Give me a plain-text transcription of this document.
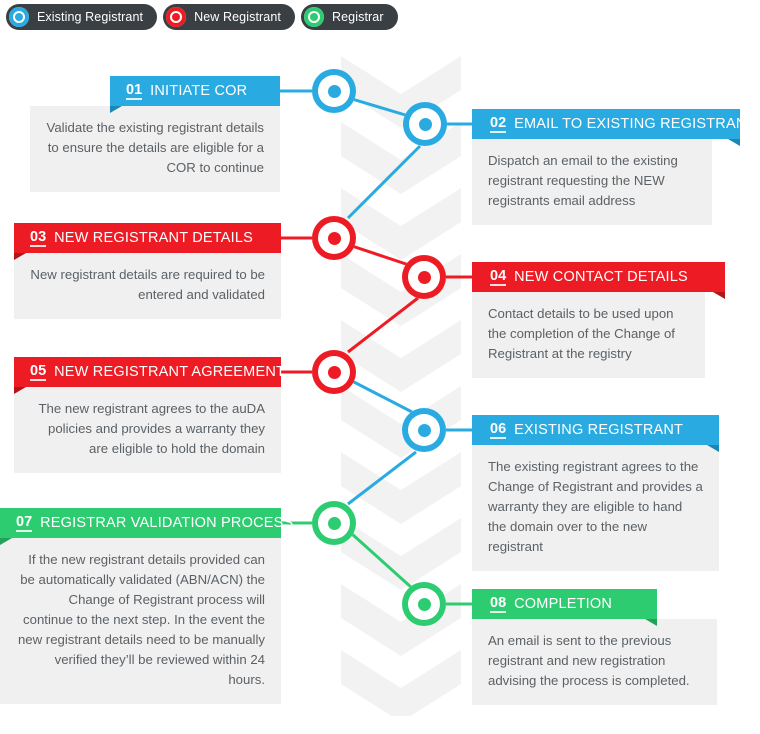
Existing Registrant	New Registrant	Registrar
01 INITIATE COR
Validate the existing registrant details to ensure the details are eligible for a COR to continue
02 EMAIL TO EXISTING REGISTRANT
Dispatch an email to the existing registrant requesting the NEW registrants email address
03 NEW REGISTRANT DETAILS
New registrant details are required to be entered and validated
04 NEW CONTACT DETAILS
Contact details to be used upon the completion of the Change of Registrant at the registry
05 NEW REGISTRANT AGREEMENT
The new registrant agrees to the auDA policies and provides a warranty they are eligible to hold the domain
06 EXISTING REGISTRANT
The existing registrant agrees to the Change of Registrant and provides a warranty they are eligible to hand the domain over to the new registrant
07 REGISTRAR VALIDATION PROCESS
If the new registrant details provided can be automatically validated (ABN/ACN) the Change of Registrant process will continue to the next step. In the event the new registrant details need to be manually verified they’ll be reviewed within 24 hours.
08 COMPLETION
An email is sent to the previous registrant and new registration advising the process is completed.
